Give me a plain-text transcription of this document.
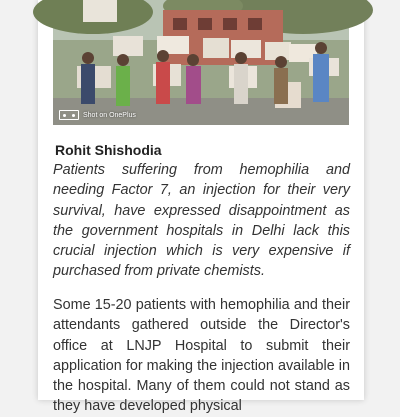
Shot on OnePlus

Rohit Shishodia

Patients suffering from hemophilia and needing Factor 7, an injection for their very survival, have expressed disappointment as the government hospitals in Delhi lack this crucial injection which is very expensive if purchased from private chemists.

Some 15-20 patients with hemophilia and their attendants gathered outside the Director's office at LNJP Hospital to submit their application for making the injection available in the hospital. Many of them could not stand as they have developed physical
